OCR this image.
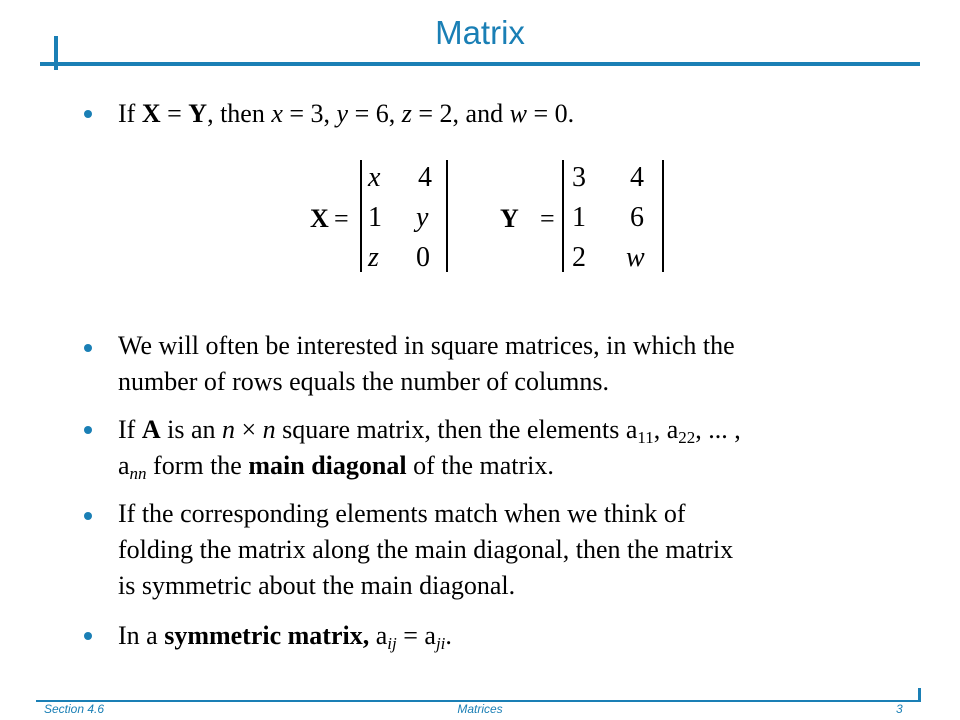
Matrix
If X = Y, then x = 3, y = 6, z = 2, and w = 0.
X =
x 4
1 y
z 0
Y =
3 4
1 6
2 w
We will often be interested in square matrices, in which the
number of rows equals the number of columns.
If A is an n × n square matrix, then the elements $a_{11}$, $a_{22}$, ... ,
$a_{nn}$ form the main diagonal of the matrix.
If the corresponding elements match when we think of
folding the matrix along the main diagonal, then the matrix
is symmetric about the main diagonal.
In a symmetric matrix, $a_{ij} = a_{ji}$.
Section 4.6	Matrices	3
